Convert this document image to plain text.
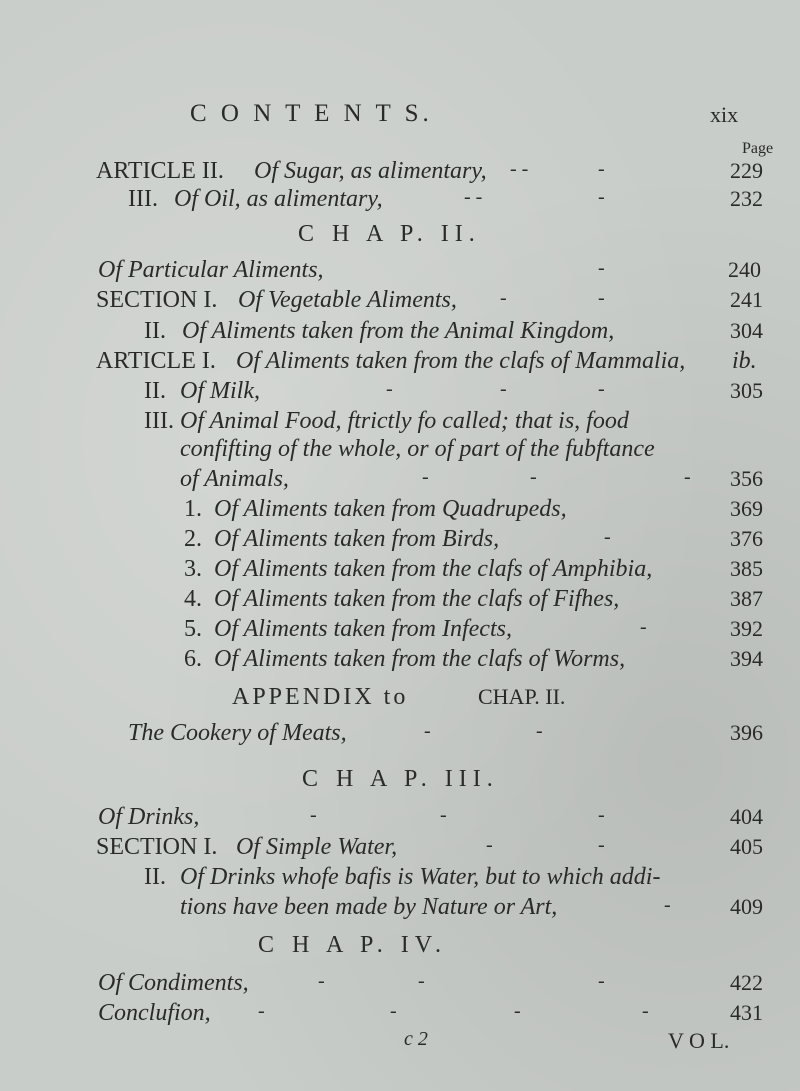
C O N T E N T S.	xix
Page
ARTICLE II. Of Sugar, as alimentary, - -	-	229
III. Of Oil, as alimentary,	- -	-	232
C H A P. II.
Of Particular Aliments,	-	240
SECTION I. Of Vegetable Aliments, -	-	241
II. Of Aliments taken from the Animal Kingdom,	304
ARTICLE I. Of Aliments taken from the clafs of Mammalia, ib.
II. Of Milk,	-	-	-	305
III. Of Animal Food, ftrictly fo called; that is, food
confifting of the whole, or of part of the fubftance
of Animals,	-	-	- 356
1. Of Aliments taken from Quadrupeds,	369
2. Of Aliments taken from Birds,	-	376
3. Of Aliments taken from the clafs of Amphibia,	385
4. Of Aliments taken from the clafs of Fifhes,	387
5. Of Aliments taken from Infects,	-	392
6. Of Aliments taken from the clafs of Worms,	394
APPENDIX to	CHAP. II.
The Cookery of Meats,	-	-	396
C H A P. III.
Of Drinks,	-	-	-	404
SECTION I. Of Simple Water,	-	-	405
II. Of Drinks whofe bafis is Water, but to which addi-
tions have been made by Nature or Art,	-	409
C H A P. IV.
Of Condiments,	-	-	-	422
Conclufion, -	-	-	-	431
c 2	V O L.
